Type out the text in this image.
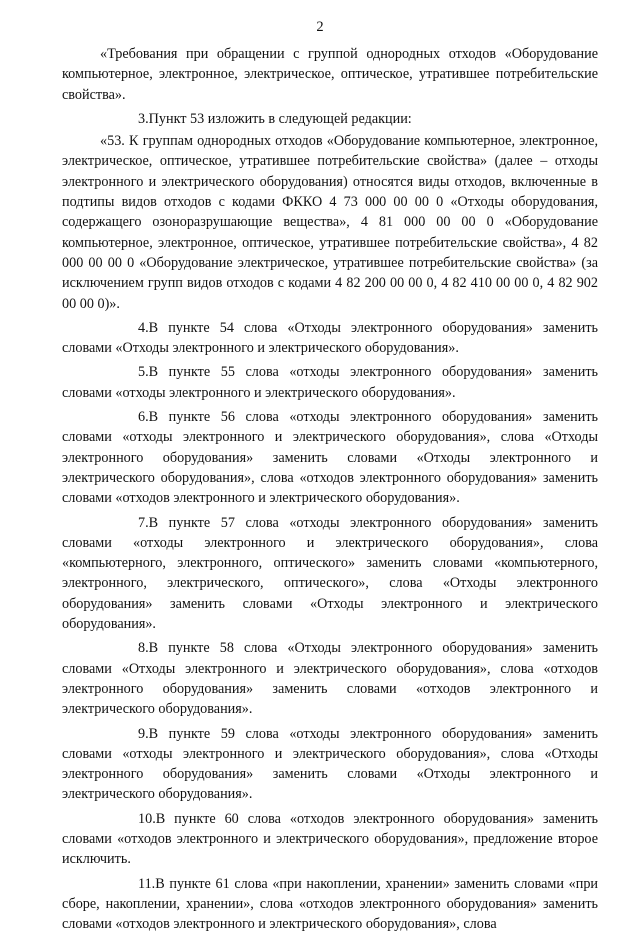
2

«Требования при обращении с группой однородных отходов «Оборудование компьютерное, электронное, электрическое, оптическое, утратившее потребительские свойства».

3.Пункт 53 изложить в следующей редакции:

«53. К группам однородных отходов «Оборудование компьютерное, электронное, электрическое, оптическое, утратившее потребительские свойства» (далее – отходы электронного и электрического оборудования) относятся виды отходов, включенные в подтипы видов отходов с кодами ФККО 4 73 000 00 00 0 «Отходы оборудования, содержащего озоноразрушающие вещества», 4 81 000 00 00 0 «Оборудование компьютерное, электронное, оптическое, утратившее потребительские свойства», 4 82 000 00 00 0 «Оборудование электрическое, утратившее потребительские свойства» (за исключением групп видов отходов с кодами 4 82 200 00 00 0, 4 82 410 00 00 0, 4 82 902 00 00 0)».

4.В пункте 54 слова «Отходы электронного оборудования» заменить словами «Отходы электронного и электрического оборудования».

5.В пункте 55 слова «отходы электронного оборудования» заменить словами «отходы электронного и электрического оборудования».

6.В пункте 56 слова «отходы электронного оборудования» заменить словами «отходы электронного и электрического оборудования», слова «Отходы электронного оборудования» заменить словами «Отходы электронного и электрического оборудования», слова «отходов электронного оборудования» заменить словами «отходов электронного и электрического оборудования».

7.В пункте 57 слова «отходы электронного оборудования» заменить словами «отходы электронного и электрического оборудования», слова «компьютерного, электронного, оптического» заменить словами «компьютерного, электронного, электрического, оптического», слова «Отходы электронного оборудования» заменить словами «Отходы электронного и электрического оборудования».

8.В пункте 58 слова «Отходы электронного оборудования» заменить словами «Отходы электронного и электрического оборудования», слова «отходов электронного оборудования» заменить словами «отходов электронного и электрического оборудования».

9.В пункте 59 слова «отходы электронного оборудования» заменить словами «отходы электронного и электрического оборудования», слова «Отходы электронного оборудования» заменить словами «Отходы электронного и электрического оборудования».

10.В пункте 60 слова «отходов электронного оборудования» заменить словами «отходов электронного и электрического оборудования», предложение второе исключить.

11.В пункте 61 слова «при накоплении, хранении» заменить словами «при сборе, накоплении, хранении», слова «отходов электронного оборудования» заменить словами «отходов электронного и электрического оборудования», слова
